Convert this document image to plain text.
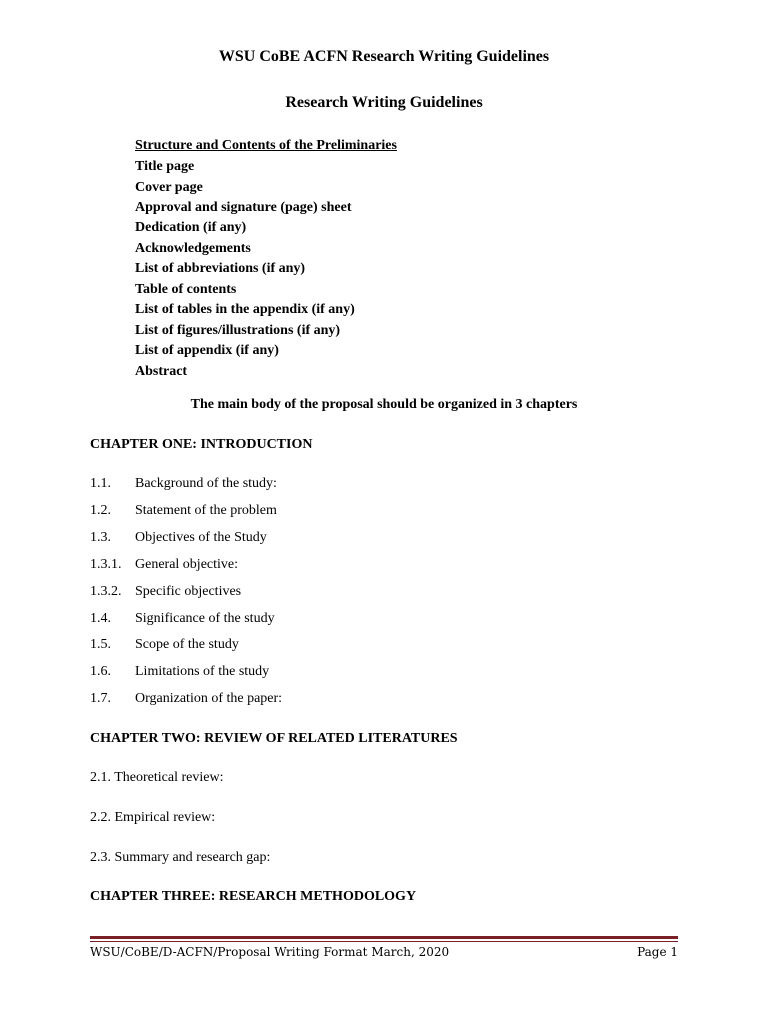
WSU CoBE ACFN Research Writing Guidelines
Research Writing Guidelines
Structure and Contents of the Preliminaries
Title page
Cover page
Approval and signature (page) sheet
Dedication (if any)
Acknowledgements
List of abbreviations (if any)
Table of contents
List of tables in the appendix (if any)
List of figures/illustrations (if any)
List of appendix (if any)
Abstract
The main body of the proposal should be organized in 3 chapters
CHAPTER ONE: INTRODUCTION
1.1. Background of the study:
1.2. Statement of the problem
1.3. Objectives of the Study
1.3.1. General objective:
1.3.2. Specific objectives
1.4. Significance of the study
1.5. Scope of the study
1.6. Limitations of the study
1.7. Organization of the paper:
CHAPTER TWO: REVIEW OF RELATED LITERATURES
2.1. Theoretical review:
2.2. Empirical review:
2.3. Summary and research gap:
CHAPTER THREE: RESEARCH METHODOLOGY
WSU/CoBE/D-ACFN/Proposal Writing Format March, 2020	Page 1
